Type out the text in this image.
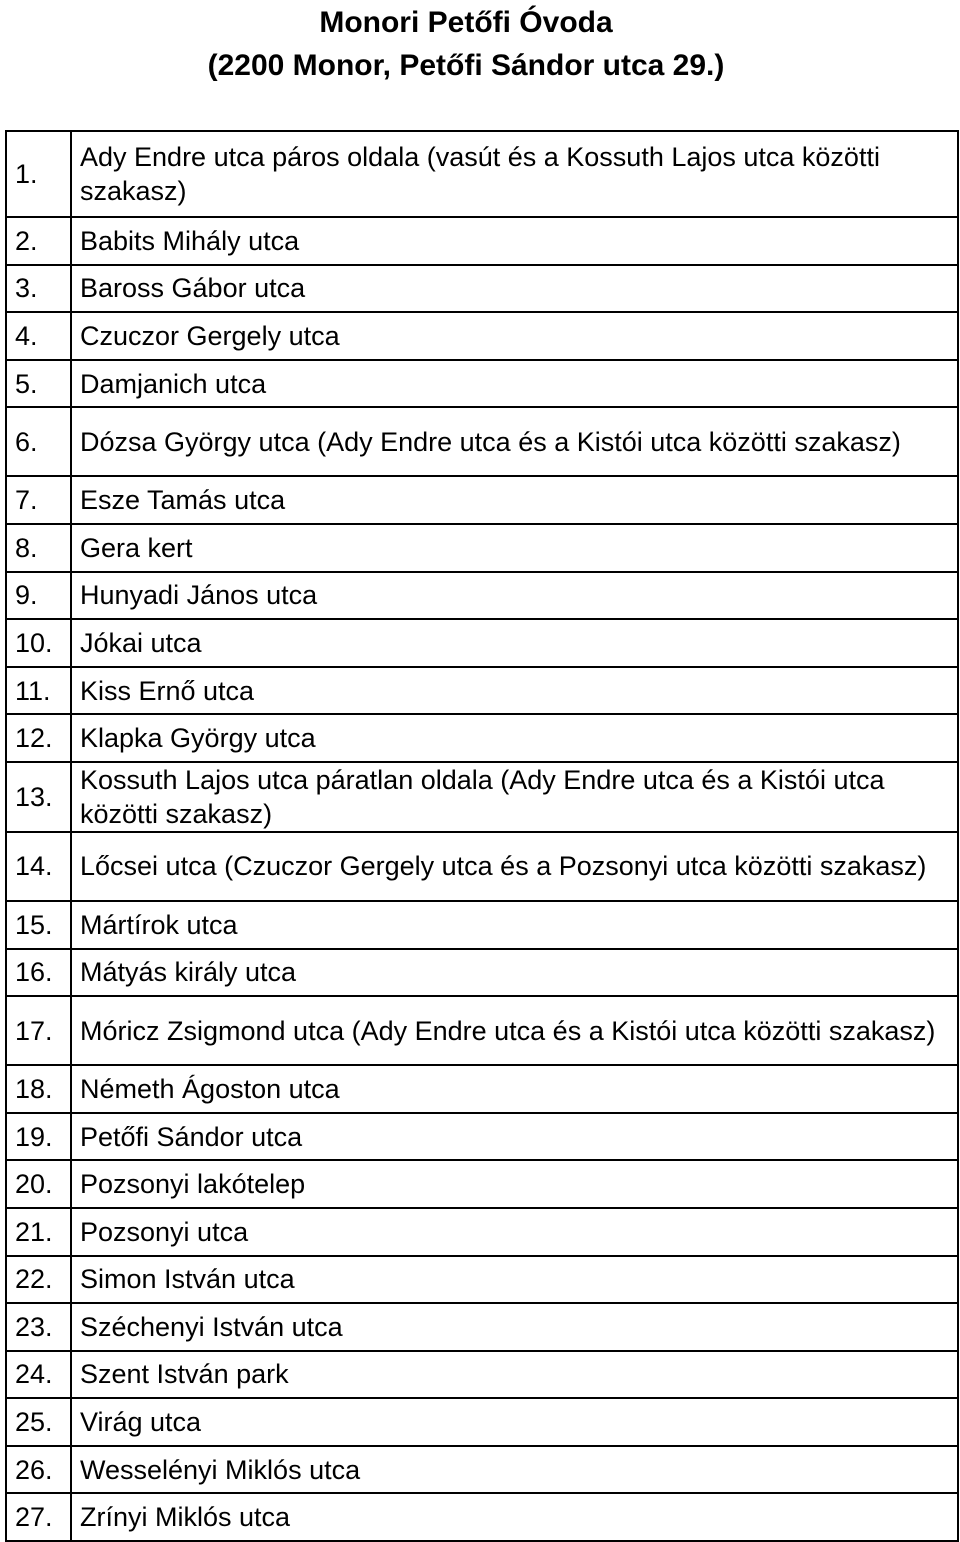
Monori Petőfi Óvoda
(2200 Monor, Petőfi Sándor utca 29.)
1.	Ady Endre utca páros oldala (vasút és a Kossuth Lajos utca közötti szakasz)
2.	Babits Mihály utca
3.	Baross Gábor utca
4.	Czuczor Gergely utca
5.	Damjanich utca
6.	Dózsa György utca (Ady Endre utca és a Kistói utca közötti szakasz)
7.	Esze Tamás utca
8.	Gera kert
9.	Hunyadi János utca
10.	Jókai utca
11.	Kiss Ernő utca
12.	Klapka György utca
13.	Kossuth Lajos utca páratlan oldala (Ady Endre utca és a Kistói utca közötti szakasz)
14.	Lőcsei utca (Czuczor Gergely utca és a Pozsonyi utca közötti szakasz)
15.	Mártírok utca
16.	Mátyás király utca
17.	Móricz Zsigmond utca (Ady Endre utca és a Kistói utca közötti szakasz)
18.	Németh Ágoston utca
19.	Petőfi Sándor utca
20.	Pozsonyi lakótelep
21.	Pozsonyi utca
22.	Simon István utca
23.	Széchenyi István utca
24.	Szent István park
25.	Virág utca
26.	Wesselényi Miklós utca
27.	Zrínyi Miklós utca
